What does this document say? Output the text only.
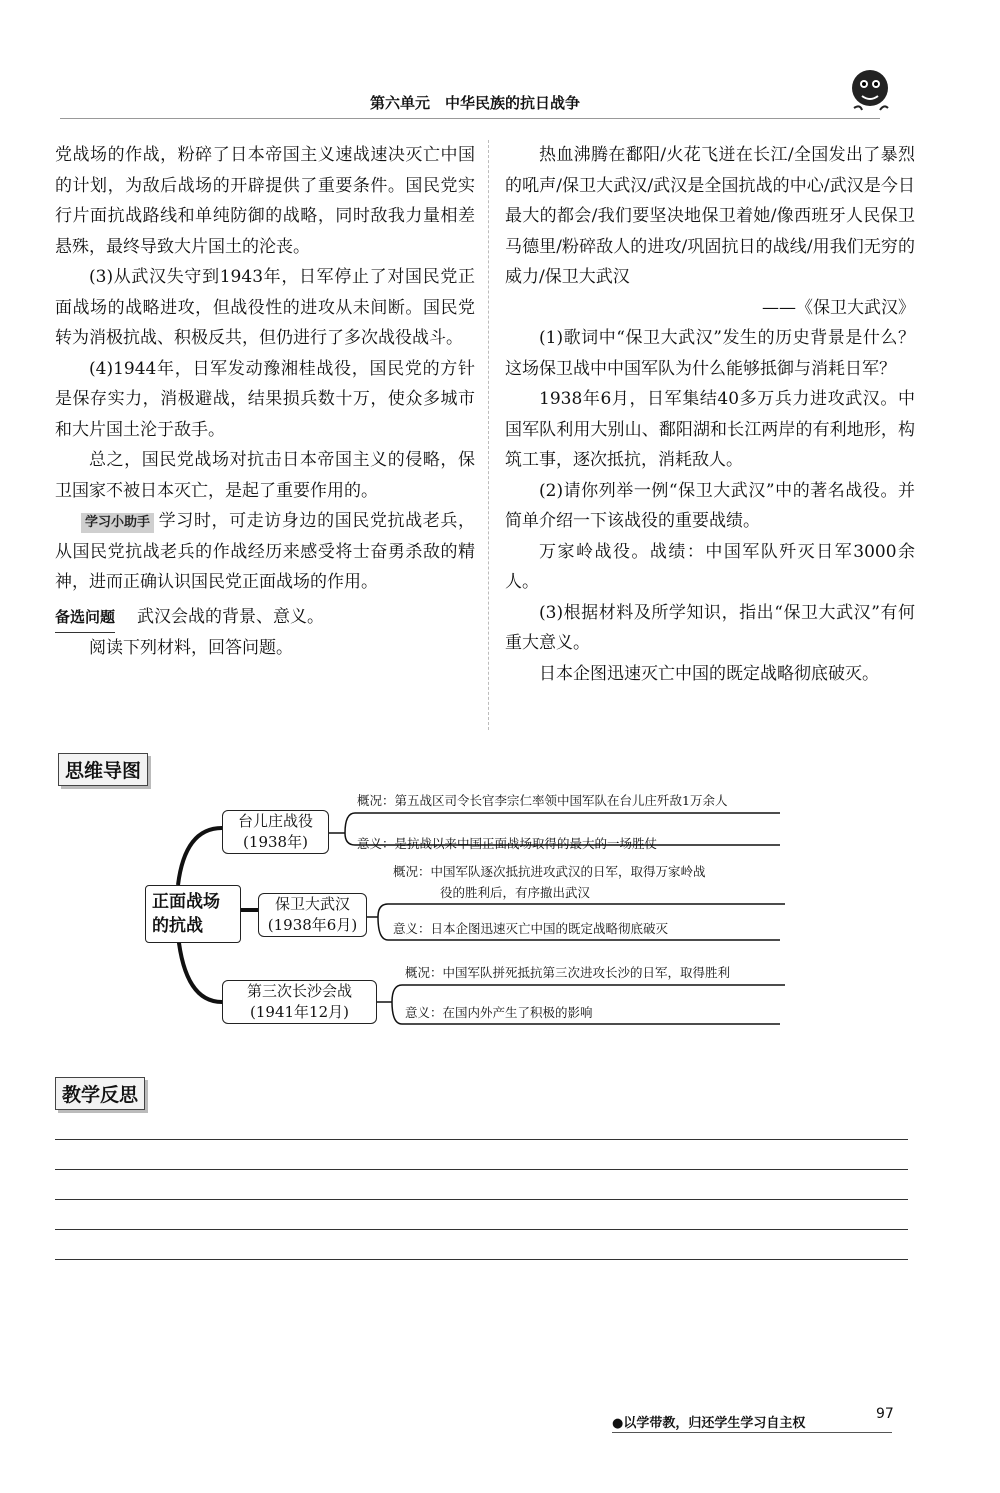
第六单元　中华民族的抗日战争

党战场的作战，粉碎了日本帝国主义速战速决灭亡中国的计划，为敌后战场的开辟提供了重要条件。国民党实行片面抗战路线和单纯防御的战略，同时敌我力量相差悬殊，最终导致大片国土的沦丧。

(3)从武汉失守到1943年，日军停止了对国民党正面战场的战略进攻，但战役性的进攻从未间断。国民党转为消极抗战、积极反共，但仍进行了多次战役战斗。

(4)1944年，日军发动豫湘桂战役，国民党的方针是保存实力，消极避战，结果损兵数十万，使众多城市和大片国土沦于敌手。

总之，国民党战场对抗击日本帝国主义的侵略，保卫国家不被日本灭亡，是起了重要作用的。

学习小助手 学习时，可走访身边的国民党抗战老兵，从国民党抗战老兵的作战经历来感受将士奋勇杀敌的精神，进而正确认识国民党正面战场的作用。

备选问题 武汉会战的背景、意义。

阅读下列材料，回答问题。

热血沸腾在鄱阳/火花飞迸在长江/全国发出了暴烈的吼声/保卫大武汉/武汉是全国抗战的中心/武汉是今日最大的都会/我们要坚决地保卫着她/像西班牙人民保卫马德里/粉碎敌人的进攻/巩固抗日的战线/用我们无穷的威力/保卫大武汉

——《保卫大武汉》

(1)歌词中“保卫大武汉”发生的历史背景是什么？这场保卫战中中国军队为什么能够抵御与消耗日军？

1938年6月，日军集结40多万兵力进攻武汉。中国军队利用大别山、鄱阳湖和长江两岸的有利地形，构筑工事，逐次抵抗，消耗敌人。

(2)请你列举一例“保卫大武汉”中的著名战役。并简单介绍一下该战役的重要战绩。

万家岭战役。战绩：中国军队歼灭日军3000余人。

(3)根据材料及所学知识，指出“保卫大武汉”有何重大意义。

日本企图迅速灭亡中国的既定战略彻底破灭。

思维导图
正面战场
的抗战
台儿庄战役
(1938年)
概况：第五战区司令长官李宗仁率领中国军队在台儿庄歼敌1万余人
意义：是抗战以来中国正面战场取得的最大的一场胜仗
保卫大武汉
(1938年6月)
概况：中国军队逐次抵抗进攻武汉的日军，取得万家岭战
役的胜利后，有序撤出武汉
意义：日本企图迅速灭亡中国的既定战略彻底破灭
第三次长沙会战
(1941年12月)
概况：中国军队拼死抵抗第三次进攻长沙的日军，取得胜利
意义：在国内外产生了积极的影响
教学反思
●以学带教，归还学生学习自主权
97
